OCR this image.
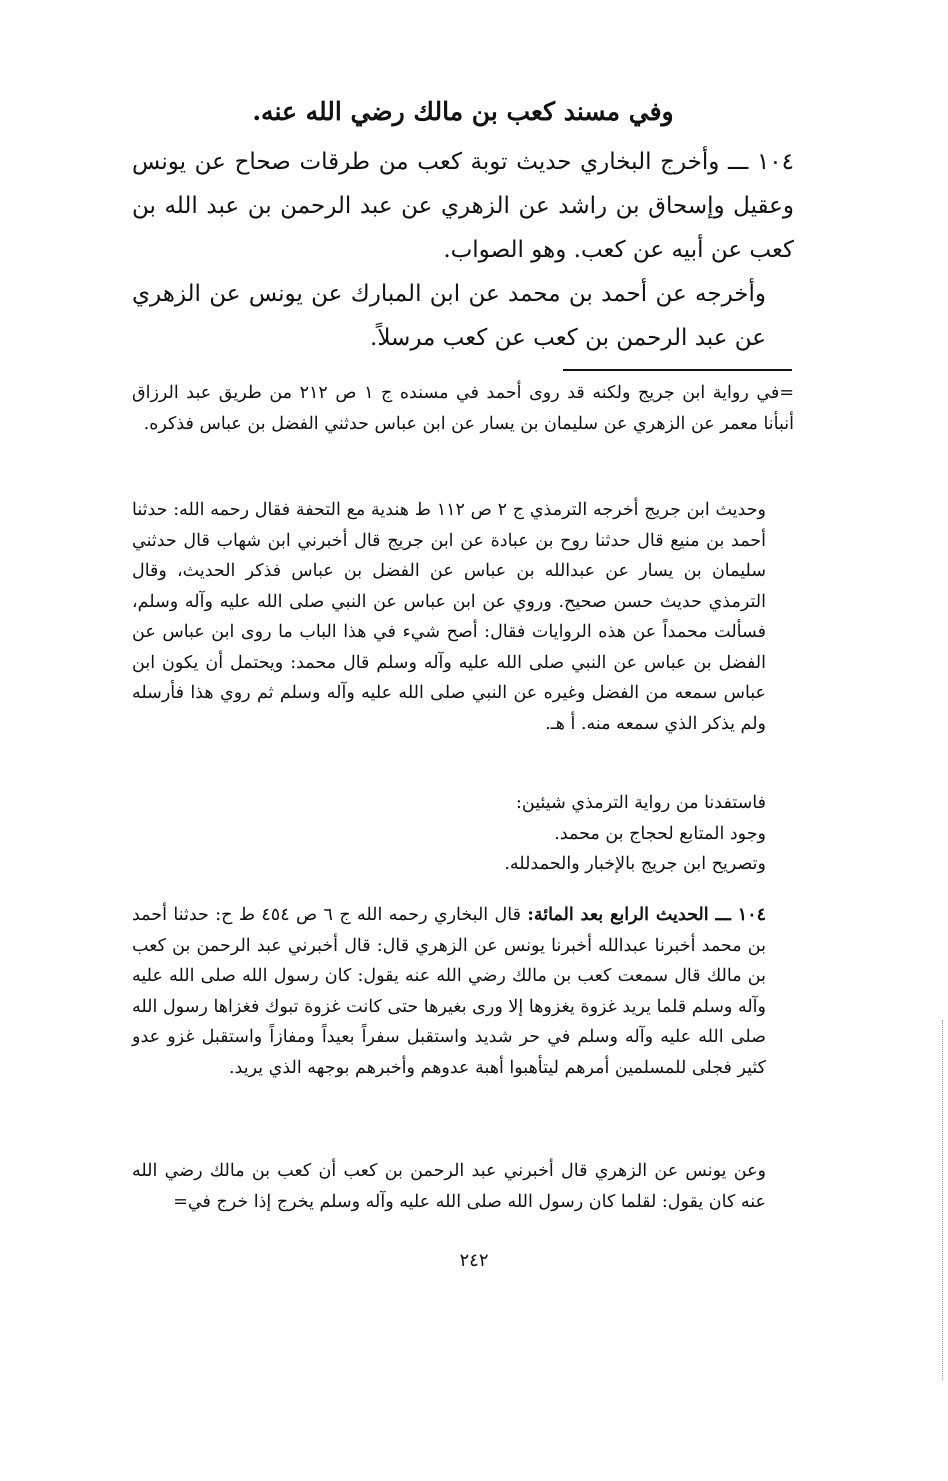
وفي مسند كعب بن مالك رضي الله عنه.

١٠٤ ـــ وأخرج البخاري حديث توبة كعب من طرقات صحاح عن يونس وعقيل وإسحاق بن راشد عن الزهري عن عبد الرحمن بن عبد الله بن كعب عن أبيه عن كعب. وهو الصواب.

وأخرجه عن أحمد بن محمد عن ابن المبارك عن يونس عن الزهري عن عبد الرحمن بن كعب عن كعب مرسلاً.

=في رواية ابن جريج ولكنه قد روى أحمد في مسنده ج ١ ص ٢١٢ من طريق عبد الرزاق أنبأنا معمر عن الزهري عن سليمان بن يسار عن ابن عباس حدثني الفضل بن عباس فذكره.

وحديث ابن جريج أخرجه الترمذي ج ٢ ص ١١٢ ط هندية مع التحفة فقال رحمه الله: حدثنا أحمد بن منيع قال حدثنا روح بن عبادة عن ابن جريج قال أخبرني ابن شهاب قال حدثني سليمان بن يسار عن عبدالله بن عباس عن الفضل بن عباس فذكر الحديث، وقال الترمذي حديث حسن صحيح. وروي عن ابن عباس عن النبي صلى الله عليه وآله وسلم، فسألت محمداً عن هذه الروايات فقال: أصح شيء في هذا الباب ما روى ابن عباس عن الفضل بن عباس عن النبي صلى الله عليه وآله وسلم قال محمد: ويحتمل أن يكون ابن عباس سمعه من الفضل وغيره عن النبي صلى الله عليه وآله وسلم ثم روي هذا فأرسله ولم يذكر الذي سمعه منه. أ هـ.

فاستفدنا من رواية الترمذي شيئين:

وجود المتابع لحجاج بن محمد.

وتصريح ابن جريج بالإخبار والحمدلله.

١٠٤ ـــ الحديث الرابع بعد المائة: قال البخاري رحمه الله ج ٦ ص ٤٥٤ ط ح: حدثنا أحمد بن محمد أخبرنا عبدالله أخبرنا يونس عن الزهري قال: قال أخبرني عبد الرحمن بن كعب بن مالك قال سمعت كعب بن مالك رضي الله عنه يقول: كان رسول الله صلى الله عليه وآله وسلم قلما يريد غزوة يغزوها إلا ورى بغيرها حتى كانت غزوة تبوك فغزاها رسول الله صلى الله عليه وآله وسلم في حر شديد واستقبل سفراً بعيداً ومفازاً واستقبل غزو عدو كثير فجلى للمسلمين أمرهم ليتأهبوا أهبة عدوهم وأخبرهم بوجهه الذي يريد.

وعن يونس عن الزهري قال أخبرني عبد الرحمن بن كعب أن كعب بن مالك رضي الله عنه كان يقول: لقلما كان رسول الله صلى الله عليه وآله وسلم يخرج إذا خرج في=

٢٤٢
